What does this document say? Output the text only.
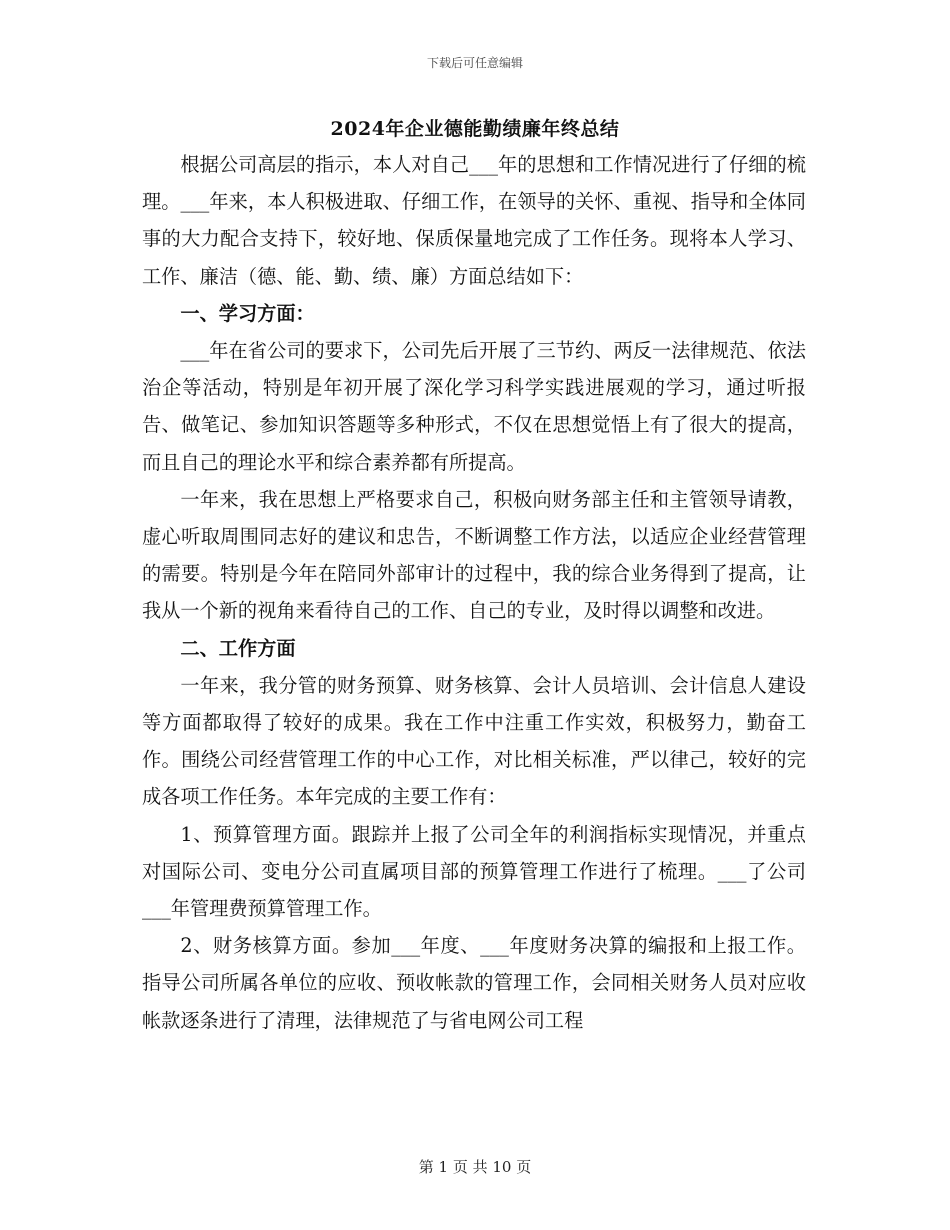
下载后可任意编辑
2024年企业德能勤绩廉年终总结

根据公司高层的指示，本人对自己___年的思想和工作情况进行了仔细的梳理。___年来，本人积极进取、仔细工作，在领导的关怀、重视、指导和全体同事的大力配合支持下，较好地、保质保量地完成了工作任务。现将本人学习、工作、廉洁（德、能、勤、绩、廉）方面总结如下：

一、学习方面：

___年在省公司的要求下，公司先后开展了三节约、两反一法律规范、依法治企等活动，特别是年初开展了深化学习科学实践进展观的学习，通过听报告、做笔记、参加知识答题等多种形式，不仅在思想觉悟上有了很大的提高，而且自己的理论水平和综合素养都有所提高。

一年来，我在思想上严格要求自己，积极向财务部主任和主管领导请教，虚心听取周围同志好的建议和忠告，不断调整工作方法，以适应企业经营管理的需要。特别是今年在陪同外部审计的过程中，我的综合业务得到了提高，让我从一个新的视角来看待自己的工作、自己的专业，及时得以调整和改进。

二、工作方面

一年来，我分管的财务预算、财务核算、会计人员培训、会计信息人建设等方面都取得了较好的成果。我在工作中注重工作实效，积极努力，勤奋工作。围绕公司经营管理工作的中心工作，对比相关标准，严以律己，较好的完成各项工作任务。本年完成的主要工作有：

1、预算管理方面。跟踪并上报了公司全年的利润指标实现情况，并重点对国际公司、变电分公司直属项目部的预算管理工作进行了梳理。___了公司___年管理费预算管理工作。

2、财务核算方面。参加___年度、___年度财务决算的编报和上报工作。指导公司所属各单位的应收、预收帐款的管理工作，会同相关财务人员对应收帐款逐条进行了清理，法律规范了与省电网公司工程

第 1 页 共 10 页
